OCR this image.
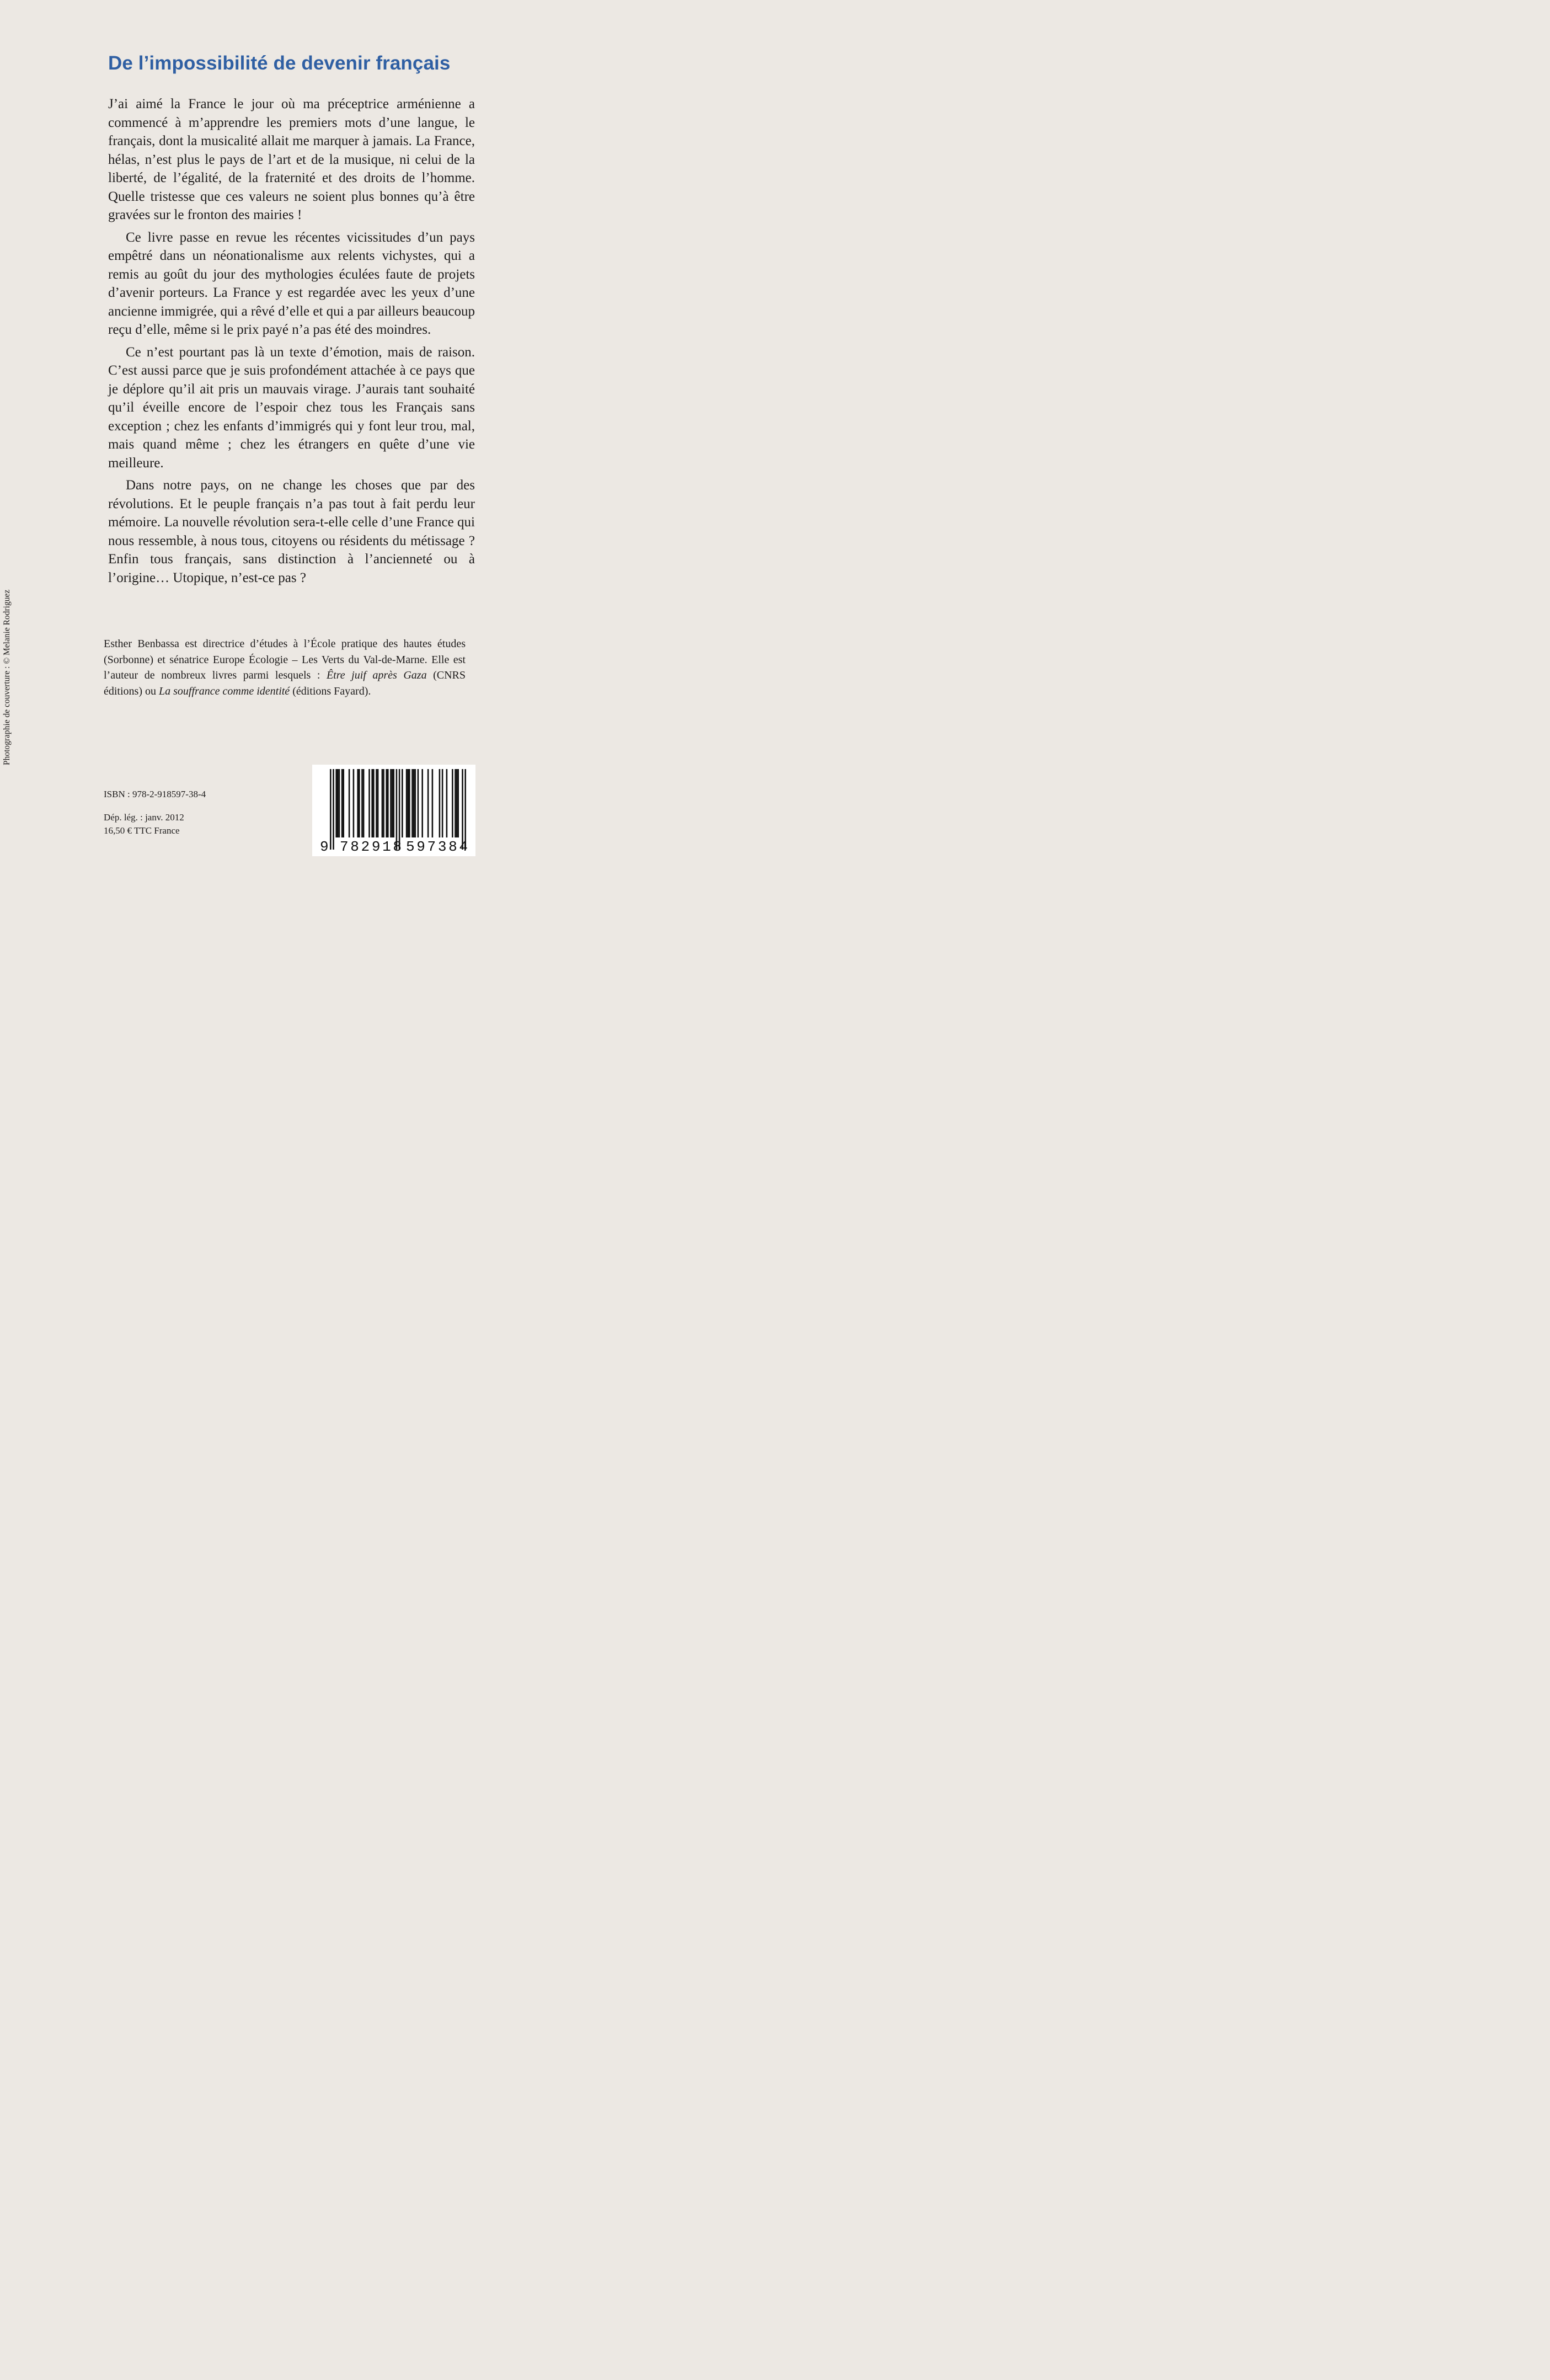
De l’impossibilité de devenir français

J’ai aimé la France le jour où ma préceptrice arménienne a commencé à m’apprendre les premiers mots d’une langue, le français, dont la musicalité allait me marquer à jamais. La France, hélas, n’est plus le pays de l’art et de la musique, ni celui de la liberté, de l’égalité, de la fraternité et des droits de l’homme. Quelle tristesse que ces valeurs ne soient plus bonnes qu’à être gravées sur le fronton des mairies !

Ce livre passe en revue les récentes vicissitudes d’un pays empêtré dans un néonationalisme aux relents vichystes, qui a remis au goût du jour des mythologies éculées faute de projets d’avenir porteurs. La France y est regardée avec les yeux d’une ancienne immigrée, qui a rêvé d’elle et qui a par ailleurs beaucoup reçu d’elle, même si le prix payé n’a pas été des moindres.

Ce n’est pourtant pas là un texte d’émotion, mais de raison. C’est aussi parce que je suis profondément attachée à ce pays que je déplore qu’il ait pris un mauvais virage. J’aurais tant souhaité qu’il éveille encore de l’espoir chez tous les Français sans exception ; chez les enfants d’immigrés qui y font leur trou, mal, mais quand même ; chez les étrangers en quête d’une vie meilleure.

Dans notre pays, on ne change les choses que par des révolutions. Et le peuple français n’a pas tout à fait perdu leur mémoire. La nouvelle révolution sera-t-elle celle d’une France qui nous ressemble, à nous tous, citoyens ou résidents du métissage ? Enfin tous français, sans distinction à l’ancienneté ou à l’origine… Utopique, n’est-ce pas ?

Esther Benbassa est directrice d’études à l’École pratique des hautes études (Sorbonne) et sénatrice Europe Écologie – Les Verts du Val-de-Marne. Elle est l’auteur de nombreux livres parmi lesquels : Être juif après Gaza (CNRS éditions) ou La souffrance comme identité (éditions Fayard).

Photographie de couverture : © Melanie Rodriguez

ISBN : 978-2-918597-38-4

Dép. lég. : janv. 2012
16,50 € TTC France
9 782918 597384
